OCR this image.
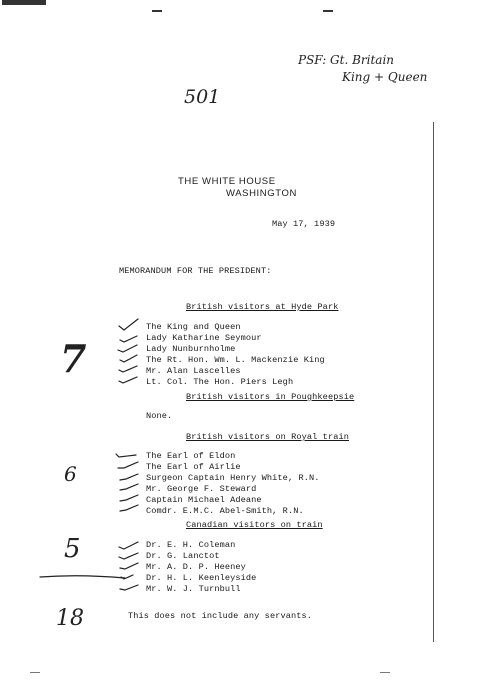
PSF: Gt. Britain
King + Queen
501
7
6
5
18
THE WHITE HOUSE
WASHINGTON
May 17, 1939
MEMORANDUM FOR THE PRESIDENT:
British visitors at Hyde Park
The King and Queen
Lady Katharine Seymour
Lady Nunburnholme
The Rt. Hon. Wm. L. Mackenzie King
Mr. Alan Lascelles
Lt. Col. The Hon. Piers Legh
British visitors in Poughkeepsie
None.
British visitors on Royal train
The Earl of Eldon
The Earl of Airlie
Surgeon Captain Henry White, R.N.
Mr. George F. Steward
Captain Michael Adeane
Comdr. E.M.C. Abel-Smith, R.N.
Canadian visitors on train
Dr. E. H. Coleman
Dr. G. Lanctot
Mr. A. D. P. Heeney
Dr. H. L. Keenleyside
Mr. W. J. Turnbull
This does not include any servants.
